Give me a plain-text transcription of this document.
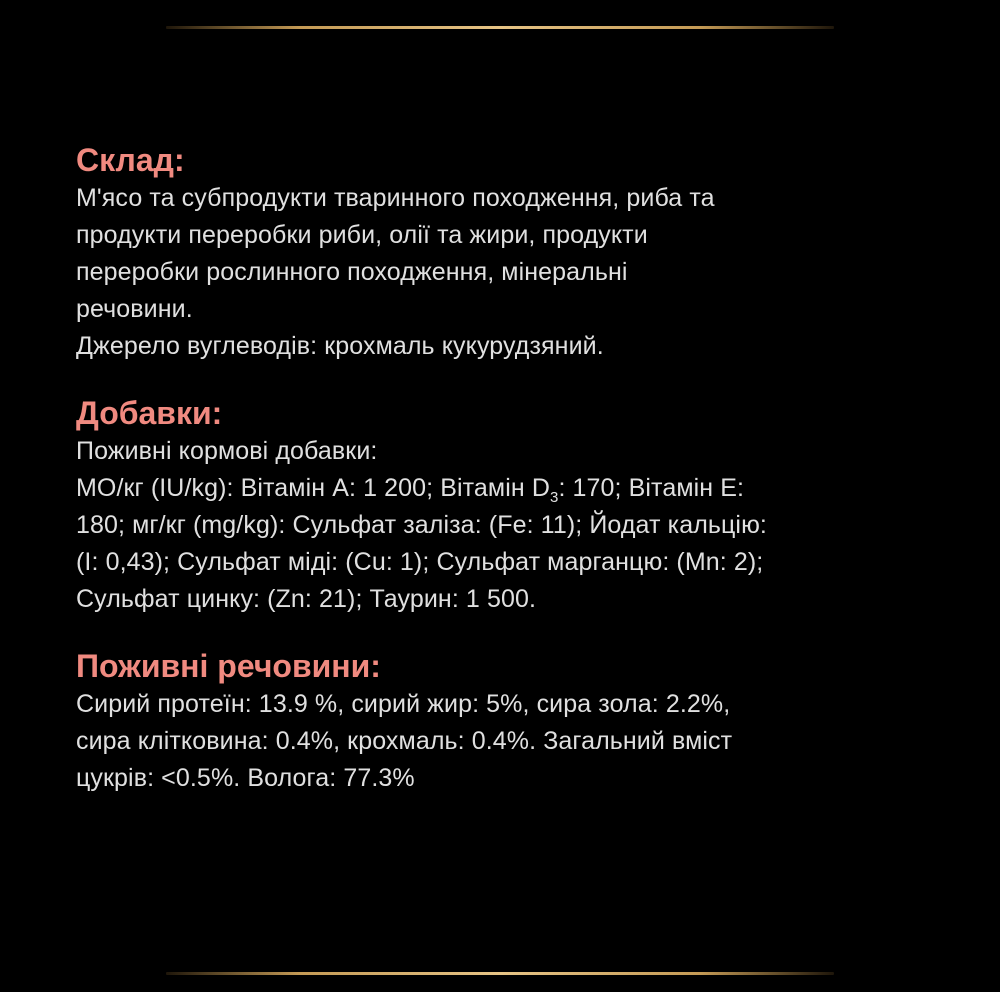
Склад:

М'ясо та субпродукти тваринного походження, риба та

продукти переробки риби, олії та жири, продукти

переробки рослинного походження, мінеральні

речовини.

Джерело вуглеводів: крохмаль кукурудзяний.

Добавки:

Поживні кормові добавки:

МО/кг (IU/kg): Вітамін А: 1 200; Вітамін $D_3$: 170; Вітамін Е:

180; мг/кг (mg/kg): Сульфат заліза: (Fe: 11); Йодат кальцію:

(I: 0,43); Сульфат міді: (Cu: 1); Сульфат марганцю: (Mn: 2);

Сульфат цинку: (Zn: 21); Таурин: 1 500.

Поживні речовини:

Сирий протеїн: 13.9 %, сирий жир: 5%, сира зола: 2.2%,

сира клітковина: 0.4%, крохмаль: 0.4%. Загальний вміст

цукрів: <0.5%. Волога: 77.3%
